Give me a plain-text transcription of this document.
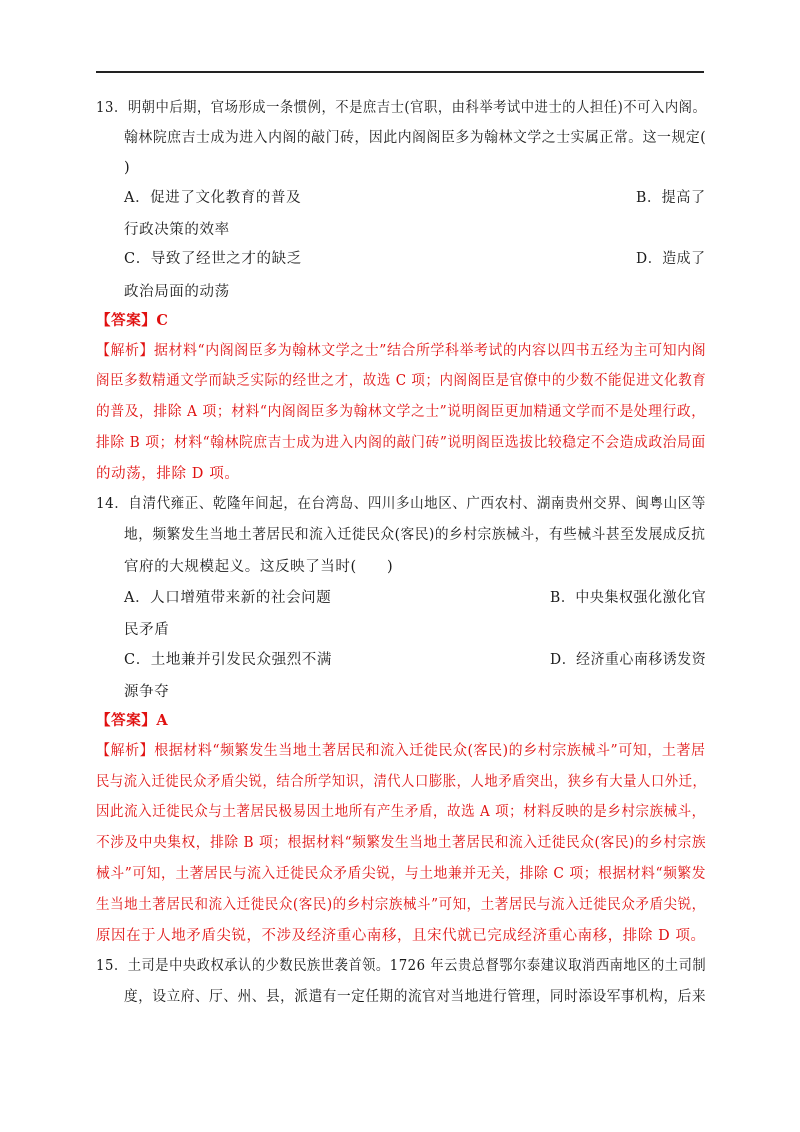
13．明朝中后期，官场形成一条惯例，不是庶吉士(官职，由科举考试中进士的人担任)不可入内阁。
翰林院庶吉士成为进入内阁的敲门砖，因此内阁阁臣多为翰林文学之士实属正常。这一规定(
)
A．促进了文化教育的普及	B．提高了
行政决策的效率
C．导致了经世之才的缺乏	D．造成了
政治局面的动荡
【答案】C
【解析】据材料“内阁阁臣多为翰林文学之士”结合所学科举考试的内容以四书五经为主可知内阁
阁臣多数精通文学而缺乏实际的经世之才，故选 C 项；内阁阁臣是官僚中的少数不能促进文化教育
的普及，排除 A 项；材料“内阁阁臣多为翰林文学之士”说明阁臣更加精通文学而不是处理行政，
排除 B 项；材料“翰林院庶吉士成为进入内阁的敲门砖”说明阁臣选拔比较稳定不会造成政治局面
的动荡，排除 D 项。
14．自清代雍正、乾隆年间起，在台湾岛、四川多山地区、广西农村、湖南贵州交界、闽粤山区等
地，频繁发生当地土著居民和流入迁徙民众(客民)的乡村宗族械斗，有些械斗甚至发展成反抗
官府的大规模起义。这反映了当时(　　)
A．人口增殖带来新的社会问题	B．中央集权强化激化官
民矛盾
C．土地兼并引发民众强烈不满	D．经济重心南移诱发资
源争夺
【答案】A
【解析】根据材料“频繁发生当地土著居民和流入迁徙民众(客民)的乡村宗族械斗”可知，土著居
民与流入迁徙民众矛盾尖锐，结合所学知识，清代人口膨胀，人地矛盾突出，狭乡有大量人口外迁，
因此流入迁徙民众与土著居民极易因土地所有产生矛盾，故选 A 项；材料反映的是乡村宗族械斗，
不涉及中央集权，排除 B 项；根据材料“频繁发生当地土著居民和流入迁徙民众(客民)的乡村宗族
械斗”可知，土著居民与流入迁徙民众矛盾尖锐，与土地兼并无关，排除 C 项；根据材料“频繁发
生当地土著居民和流入迁徙民众(客民)的乡村宗族械斗”可知，土著居民与流入迁徙民众矛盾尖锐，
原因在于人地矛盾尖锐，不涉及经济重心南移，且宋代就已完成经济重心南移，排除 D 项。
15．土司是中央政权承认的少数民族世袭首领。1726 年云贵总督鄂尔泰建议取消西南地区的土司制
度，设立府、厅、州、县，派遣有一定任期的流官对当地进行管理，同时添设军事机构，后来
